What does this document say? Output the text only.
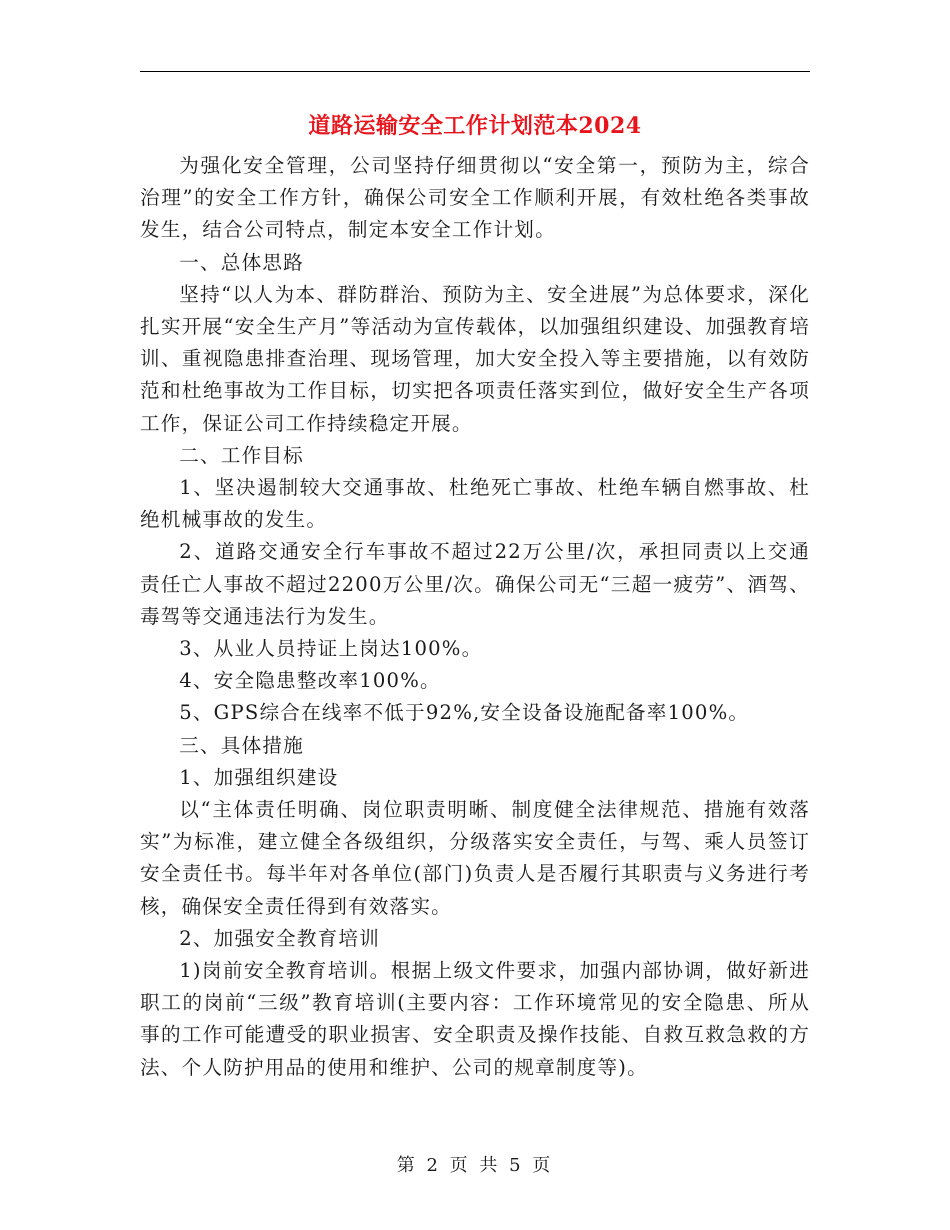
道路运输安全工作计划范本2024

为强化安全管理，公司坚持仔细贯彻以“安全第一，预防为主，综合治理”的安全工作方针，确保公司安全工作顺利开展，有效杜绝各类事故发生，结合公司特点，制定本安全工作计划。

一、总体思路

坚持“以人为本、群防群治、预防为主、安全进展”为总体要求，深化扎实开展“安全生产月”等活动为宣传载体，以加强组织建设、加强教育培训、重视隐患排查治理、现场管理，加大安全投入等主要措施，以有效防范和杜绝事故为工作目标，切实把各项责任落实到位，做好安全生产各项工作，保证公司工作持续稳定开展。

二、工作目标

1、坚决遏制较大交通事故、杜绝死亡事故、杜绝车辆自燃事故、杜绝机械事故的发生。

2、道路交通安全行车事故不超过22万公里/次，承担同责以上交通责任亡人事故不超过2200万公里/次。确保公司无“三超一疲劳”、酒驾、毒驾等交通违法行为发生。

3、从业人员持证上岗达100%。

4、安全隐患整改率100%。

5、GPS综合在线率不低于92%,安全设备设施配备率100%。

三、具体措施

1、加强组织建设

以“主体责任明确、岗位职责明晰、制度健全法律规范、措施有效落实”为标准，建立健全各级组织，分级落实安全责任，与驾、乘人员签订安全责任书。每半年对各单位(部门)负责人是否履行其职责与义务进行考核，确保安全责任得到有效落实。

2、加强安全教育培训

1)岗前安全教育培训。根据上级文件要求，加强内部协调，做好新进职工的岗前“三级”教育培训(主要内容：工作环境常见的安全隐患、所从事的工作可能遭受的职业损害、安全职责及操作技能、自救互救急救的方法、个人防护用品的使用和维护、公司的规章制度等)。

第 2 页 共 5 页
